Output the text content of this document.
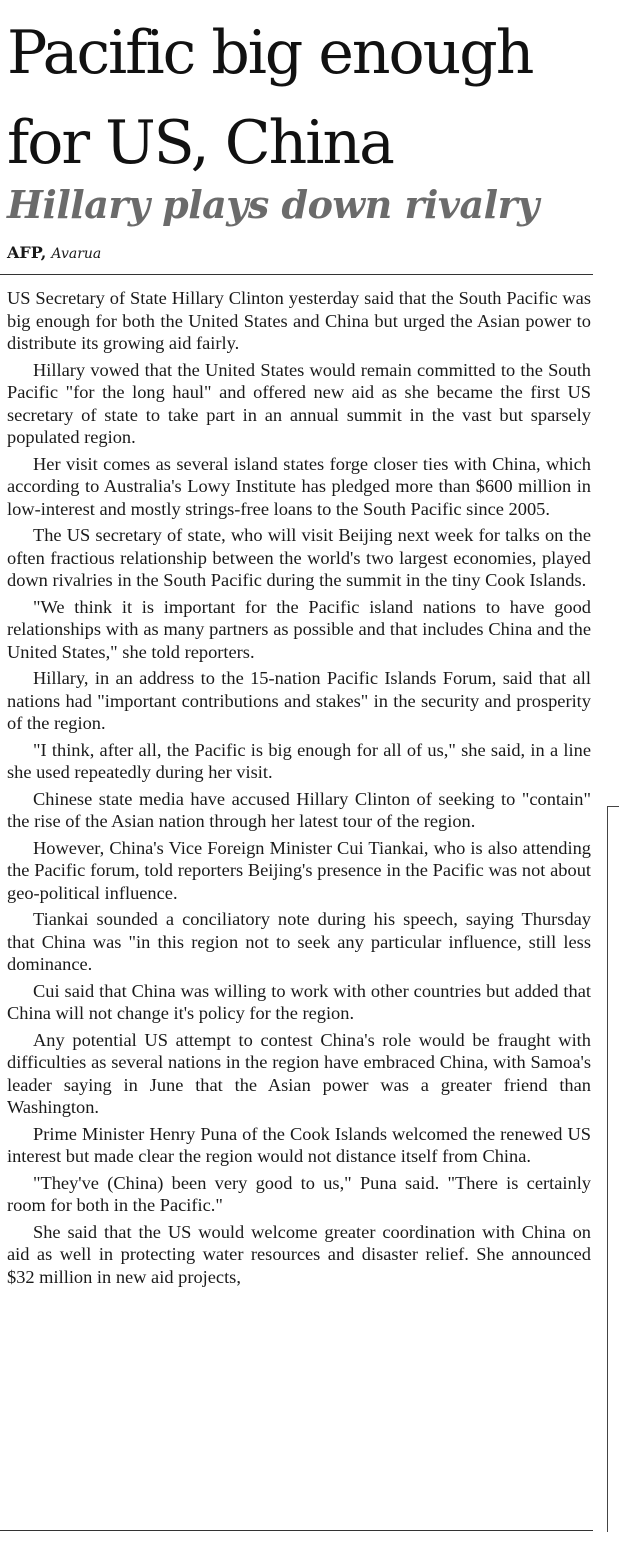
Pacific big enough for US, China
Hillary plays down rivalry
AFP, Avarua

US Secretary of State Hillary Clinton yesterday said that the South Pacific was big enough for both the United States and China but urged the Asian power to distribute its growing aid fairly.

Hillary vowed that the United States would remain committed to the South Pacific "for the long haul" and offered new aid as she became the first US secretary of state to take part in an annual summit in the vast but sparsely populated region.

Her visit comes as several island states forge closer ties with China, which according to Australia's Lowy Institute has pledged more than $600 million in low-interest and mostly strings-free loans to the South Pacific since 2005.

The US secretary of state, who will visit Beijing next week for talks on the often fractious relationship between the world's two largest economies, played down rivalries in the South Pacific during the summit in the tiny Cook Islands.

"We think it is important for the Pacific island nations to have good relationships with as many partners as possible and that includes China and the United States," she told reporters.

Hillary, in an address to the 15-nation Pacific Islands Forum, said that all nations had "important contributions and stakes" in the security and prosperity of the region.

"I think, after all, the Pacific is big enough for all of us," she said, in a line she used repeatedly during her visit.

Chinese state media have accused Hillary Clinton of seeking to "contain" the rise of the Asian nation through her latest tour of the region.

However, China's Vice Foreign Minister Cui Tiankai, who is also attending the Pacific forum, told reporters Beijing's presence in the Pacific was not about geo-political influence.

Tiankai sounded a conciliatory note during his speech, saying Thursday that China was "in this region not to seek any particular influence, still less dominance.

Cui said that China was willing to work with other countries but added that China will not change it's policy for the region.

Any potential US attempt to contest China's role would be fraught with difficulties as several nations in the region have embraced China, with Samoa's leader saying in June that the Asian power was a greater friend than Washington.

Prime Minister Henry Puna of the Cook Islands welcomed the renewed US interest but made clear the region would not distance itself from China.

"They've (China) been very good to us," Puna said. "There is certainly room for both in the Pacific."

She said that the US would welcome greater coordination with China on aid as well in protecting water resources and disaster relief. She announced $32 million in new aid projects,
